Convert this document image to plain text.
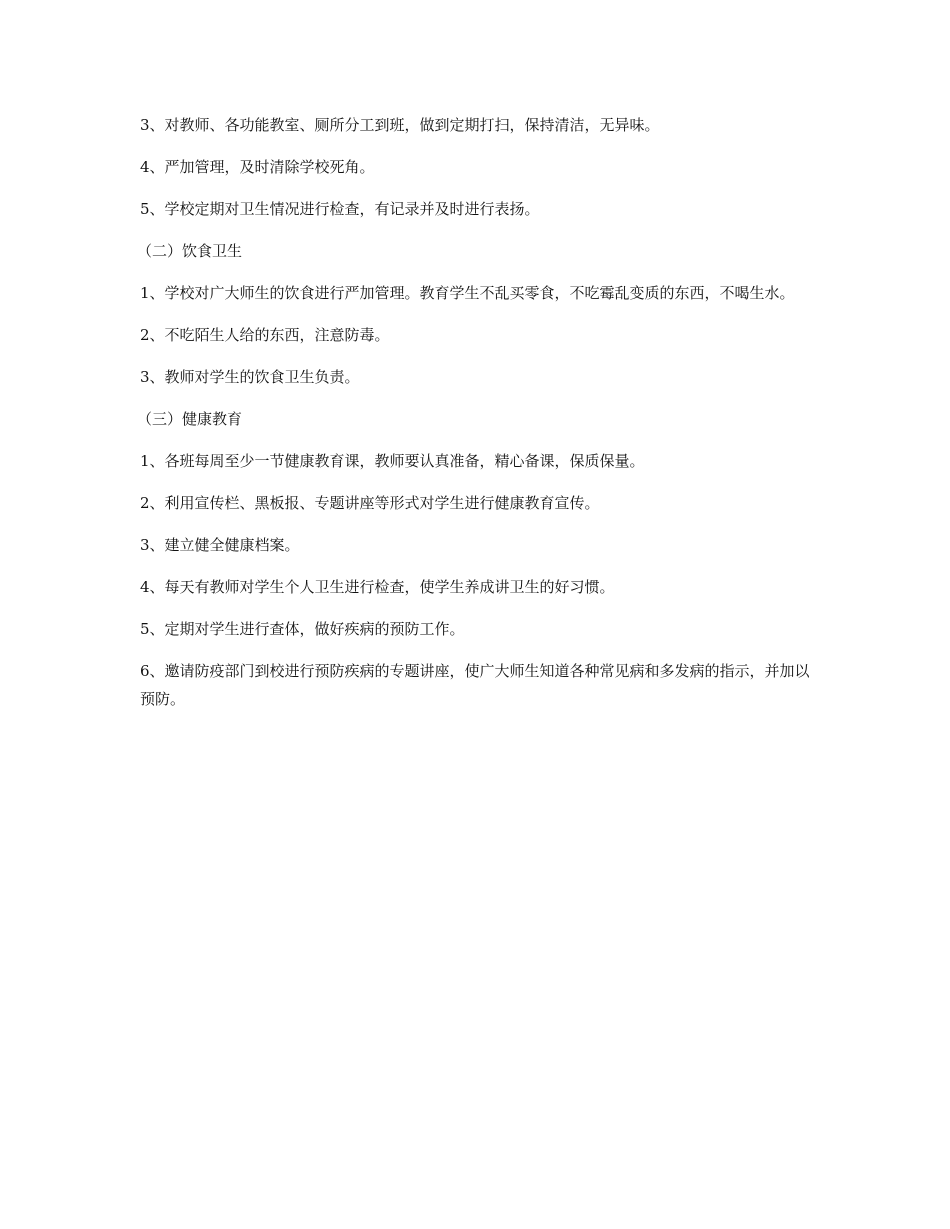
3、对教师、各功能教室、厕所分工到班，做到定期打扫，保持清洁，无异味。

4、严加管理，及时清除学校死角。

5、学校定期对卫生情况进行检查，有记录并及时进行表扬。

（二）饮食卫生

1、学校对广大师生的饮食进行严加管理。教育学生不乱买零食，不吃霉乱变质的东西，不喝生水。

2、不吃陌生人给的东西，注意防毒。

3、教师对学生的饮食卫生负责。

（三）健康教育

1、各班每周至少一节健康教育课，教师要认真准备，精心备课，保质保量。

2、利用宣传栏、黑板报、专题讲座等形式对学生进行健康教育宣传。

3、建立健全健康档案。

4、每天有教师对学生个人卫生进行检查，使学生养成讲卫生的好习惯。

5、定期对学生进行查体，做好疾病的预防工作。

6、邀请防疫部门到校进行预防疾病的专题讲座，使广大师生知道各种常见病和多发病的指示，并加以预防。
